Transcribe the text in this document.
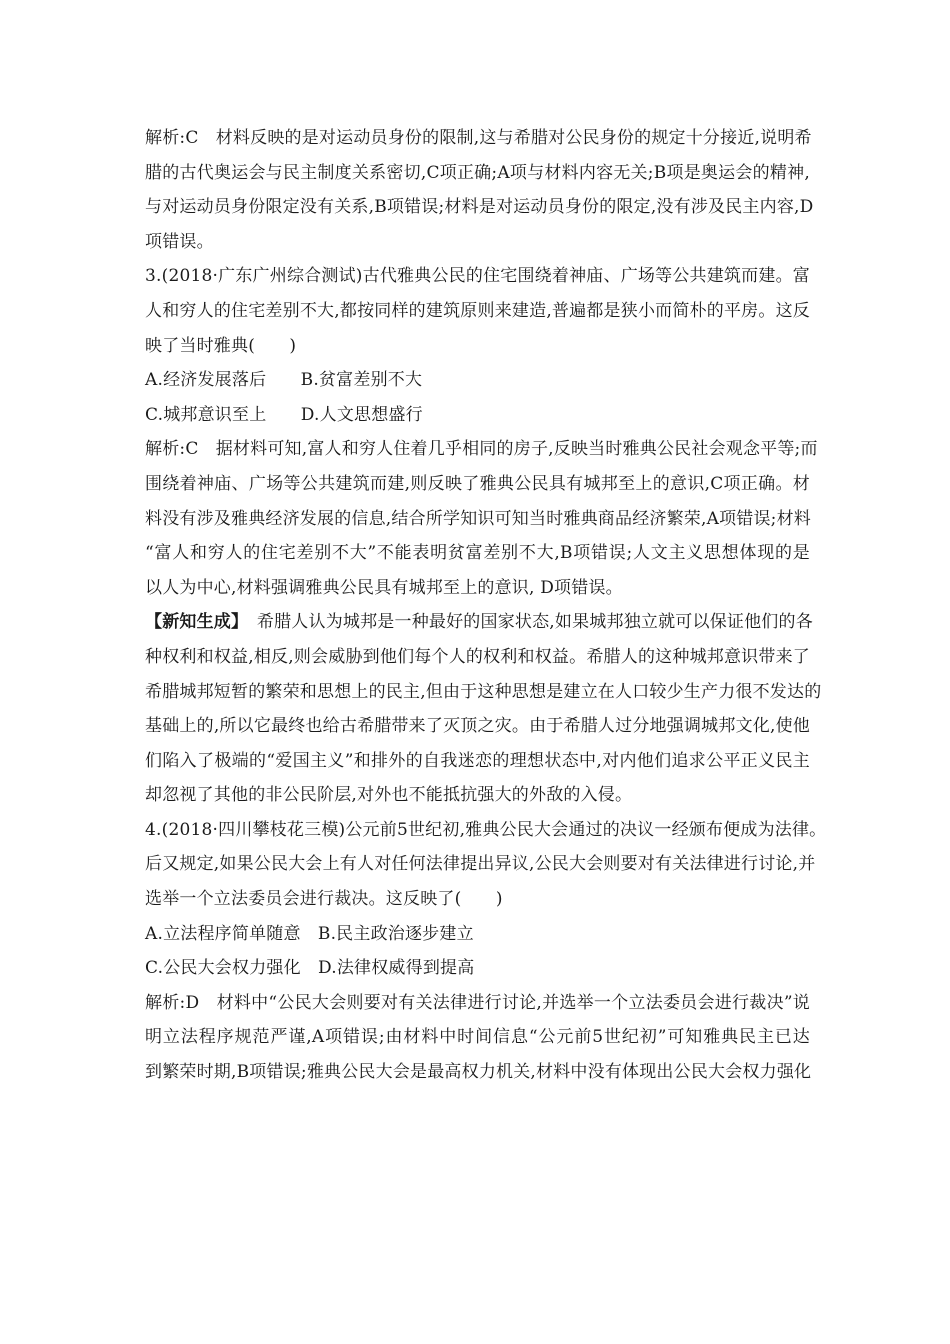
解析:C　材料反映的是对运动员身份的限制,这与希腊对公民身份的规定十分接近,说明希
腊的古代奥运会与民主制度关系密切,C项正确;A项与材料内容无关;B项是奥运会的精神,
与对运动员身份限定没有关系,B项错误;材料是对运动员身份的限定,没有涉及民主内容,D
项错误。
3.(2018·广东广州综合测试)古代雅典公民的住宅围绕着神庙、广场等公共建筑而建。富
人和穷人的住宅差别不大,都按同样的建筑原则来建造,普遍都是狭小而简朴的平房。这反
映了当时雅典(　　)
A.经济发展落后　　B.贫富差别不大
C.城邦意识至上　　D.人文思想盛行
解析:C　据材料可知,富人和穷人住着几乎相同的房子,反映当时雅典公民社会观念平等;而
围绕着神庙、广场等公共建筑而建,则反映了雅典公民具有城邦至上的意识,C项正确。材
料没有涉及雅典经济发展的信息,结合所学知识可知当时雅典商品经济繁荣,A项错误;材料
“富人和穷人的住宅差别不大”不能表明贫富差别不大,B项错误;人文主义思想体现的是
以人为中心,材料强调雅典公民具有城邦至上的意识, D项错误。
【新知生成】　希腊人认为城邦是一种最好的国家状态,如果城邦独立就可以保证他们的各
种权利和权益,相反,则会威胁到他们每个人的权利和权益。希腊人的这种城邦意识带来了
希腊城邦短暂的繁荣和思想上的民主,但由于这种思想是建立在人口较少生产力很不发达的
基础上的,所以它最终也给古希腊带来了灭顶之灾。由于希腊人过分地强调城邦文化,使他
们陷入了极端的“爱国主义”和排外的自我迷恋的理想状态中,对内他们追求公平正义民主
却忽视了其他的非公民阶层,对外也不能抵抗强大的外敌的入侵。
4.(2018·四川攀枝花三模)公元前5世纪初,雅典公民大会通过的决议一经颁布便成为法律。
后又规定,如果公民大会上有人对任何法律提出异议,公民大会则要对有关法律进行讨论,并
选举一个立法委员会进行裁决。这反映了(　　)
A.立法程序简单随意　B.民主政治逐步建立
C.公民大会权力强化　D.法律权威得到提高
解析:D　材料中“公民大会则要对有关法律进行讨论,并选举一个立法委员会进行裁决”说
明立法程序规范严谨,A项错误;由材料中时间信息“公元前5世纪初”可知雅典民主已达
到繁荣时期,B项错误;雅典公民大会是最高权力机关,材料中没有体现出公民大会权力强化
